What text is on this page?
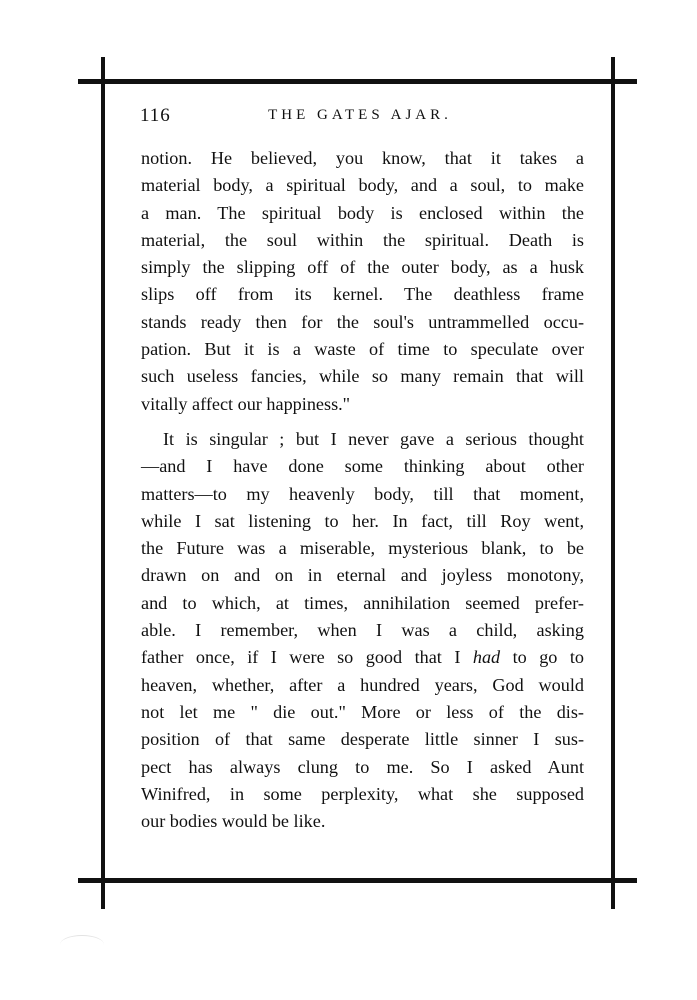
116	THE GATES AJAR.
notion. He believed, you know, that it takes a
material body, a spiritual body, and a soul, to make
a man. The spiritual body is enclosed within the
material, the soul within the spiritual. Death is
simply the slipping off of the outer body, as a husk
slips off from its kernel. The deathless frame
stands ready then for the soul's untrammelled occu-
pation. But it is a waste of time to speculate over
such useless fancies, while so many remain that will
vitally affect our happiness."
It is singular ; but I never gave a serious thought
—and I have done some thinking about other
matters—to my heavenly body, till that moment,
while I sat listening to her. In fact, till Roy went,
the Future was a miserable, mysterious blank, to be
drawn on and on in eternal and joyless monotony,
and to which, at times, annihilation seemed prefer-
able. I remember, when I was a child, asking
father once, if I were so good that I had to go to
heaven, whether, after a hundred years, God would
not let me " die out." More or less of the dis-
position of that same desperate little sinner I sus-
pect has always clung to me. So I asked Aunt
Winifred, in some perplexity, what she supposed
our bodies would be like.
